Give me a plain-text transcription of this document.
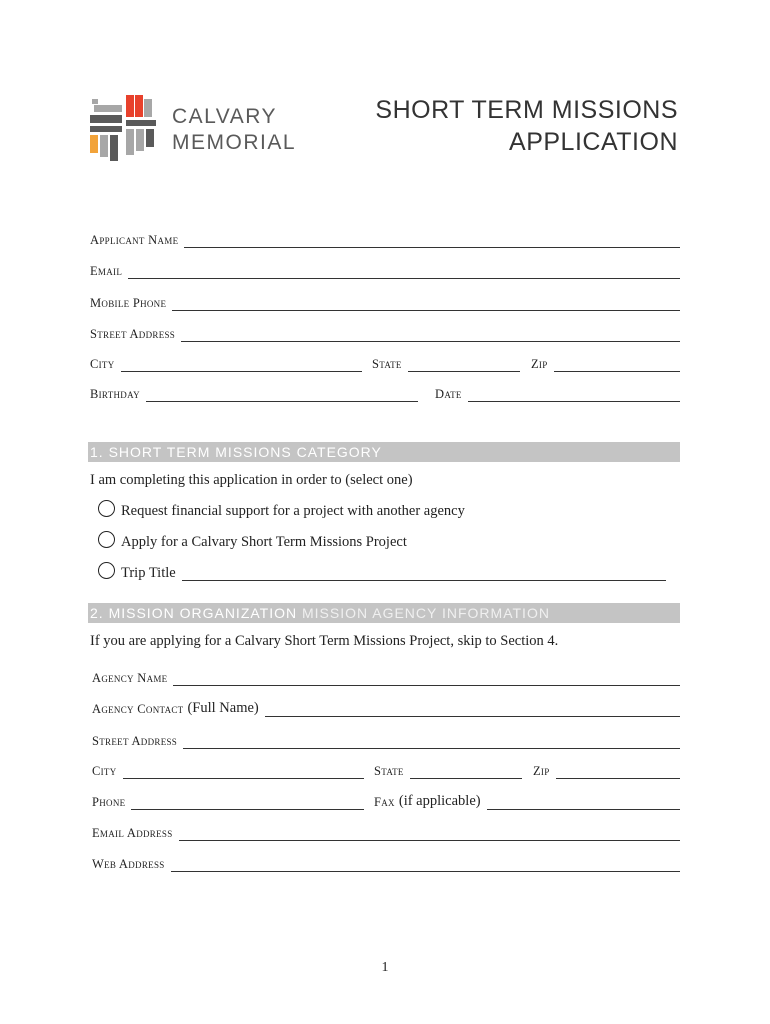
CALVARY
MEMORIAL
SHORT TERM MISSIONS
APPLICATION
Applicant Name
Email
Mobile Phone
Street Address
City	State	Zip
Birthday	Date
1. SHORT TERM MISSIONS CATEGORY
I am completing this application in order to (select one)
Request financial support for a project with another agency
Apply for a Calvary Short Term Missions Project
Trip Title
2. MISSION ORGANIZATION MISSION AGENCY INFORMATION
If you are applying for a Calvary Short Term Missions Project, skip to Section 4.
Agency Name
Agency Contact (Full Name)
Street Address
City	State	Zip
Phone	Fax (if applicable)
Email Address
Web Address
1
